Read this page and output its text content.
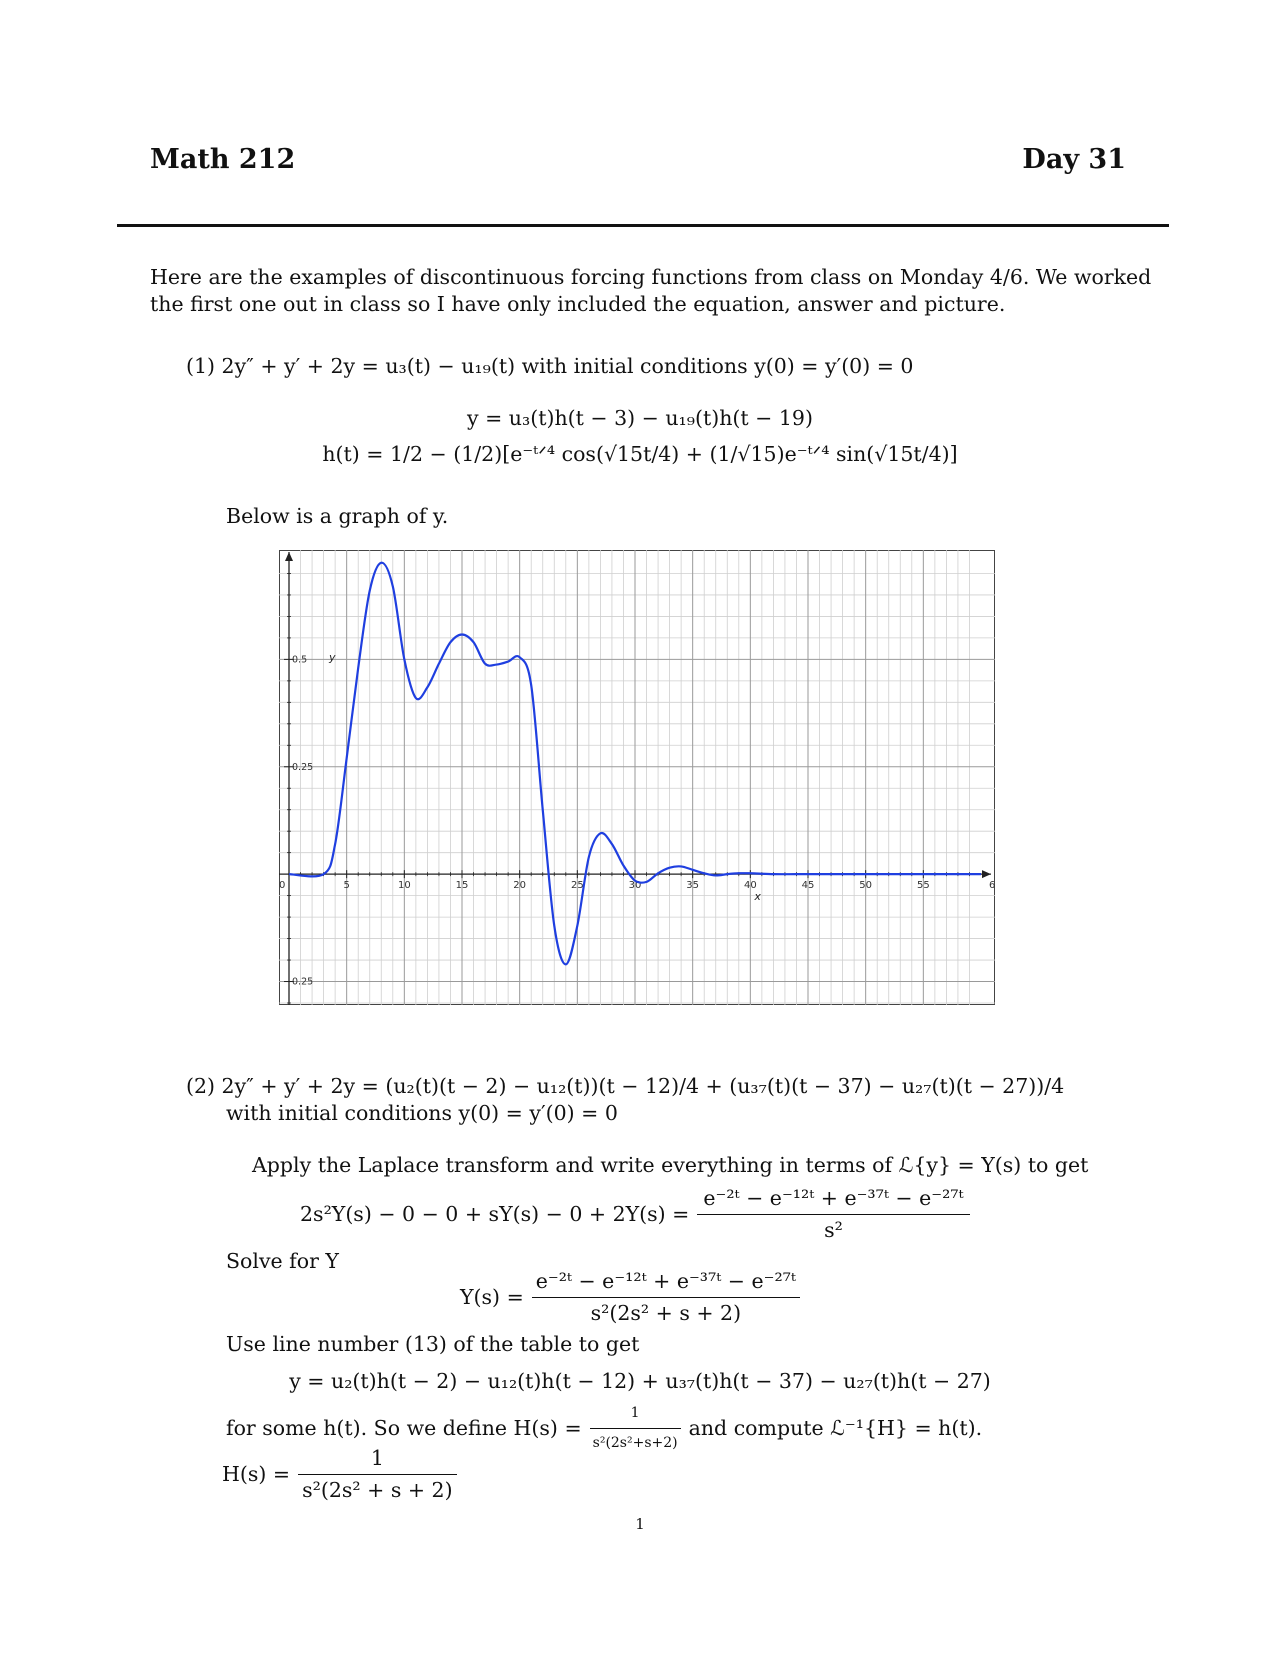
Math 212	Day 31
Here are the examples of discontinuous forcing functions from class on Monday 4/6. We worked
the first one out in class so I have only included the equation, answer and picture.
(1) 2y″ + y′ + 2y = u₃(t) − u₁₉(t) with initial conditions y(0) = y′(0) = 0
y = u₃(t)h(t − 3) − u₁₉(t)h(t − 19)
h(t) = 1/2 − (1/2)[e⁻ᵗᐟ⁴ cos(√15t/4) + (1/√15)e⁻ᵗᐟ⁴ sin(√15t/4)]
Below is a graph of y.
5	10	15	20	25	30	35	40	45	50	55
0	6
0.25
0.25
0.5 y
x
(2) 2y″ + y′ + 2y = (u₂(t)(t − 2) − u₁₂(t))(t − 12)/4 + (u₃₇(t)(t − 37) − u₂₇(t)(t − 27))/4
with initial conditions y(0) = y′(0) = 0
Apply the Laplace transform and write everything in terms of ℒ{y} = Y(s) to get
$2s^2Y(s) - 0 - 0 + sY(s) - 0 + 2Y(s) = \frac{\text{e⁻²ᵗ − e⁻¹²ᵗ + e⁻³⁷ᵗ − e⁻²⁷ᵗ}}{\text{s²}}$
Solve for Y
$Y(s) = \frac{\text{e⁻²ᵗ − e⁻¹²ᵗ + e⁻³⁷ᵗ − e⁻²⁷ᵗ}}{\text{s²(2s² + s + 2)}}$
Use line number (13) of the table to get
y = u₂(t)h(t − 2) − u₁₂(t)h(t − 12) + u₃₇(t)h(t − 37) − u₂₇(t)h(t − 27)
for some h(t). So we define $H(s) = \frac{1}{\text{s²(2s²+s+2)}}$ and compute ℒ⁻¹{H} = h(t).
$H(s) = \frac{1}{\text{s²(2s² + s + 2)}}$
1
